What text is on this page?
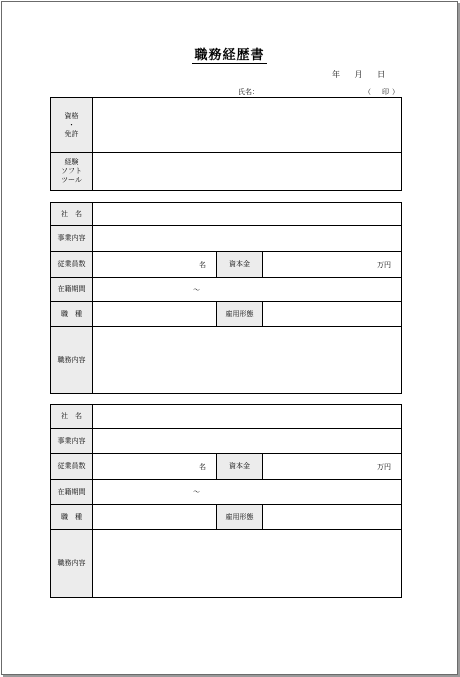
職務経歴書
年 月 日
氏名：	（ 印 ）
資格
・
免許	

経験
ソフト
ツール	

社　名			
事業内容			
従業員数	名	資本金	万円
在籍期間	～		
職　種		雇用形態	
職務内容			
社　名			
事業内容			
従業員数	名	資本金	万円
在籍期間	～		
職　種		雇用形態	
職務内容			
